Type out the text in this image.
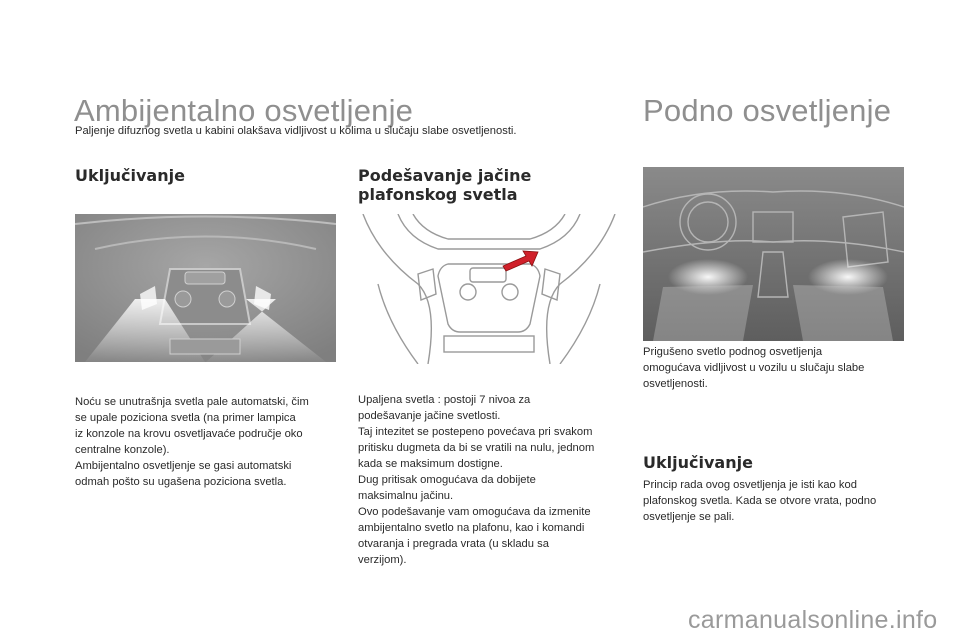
Ambijentalno osvetljenje
Paljenje difuznog svetla u kabini olakšava vidljivost u kolima u slučaju slabe osvetljenosti.
Uključivanje
Noću se unutrašnja svetla pale automatski, čim
se upale poziciona svetla (na primer lampica
iz konzole na krovu osvetljavaće područje oko
centralne konzole).
Ambijentalno osvetljenje se gasi automatski
odmah pošto su ugašena poziciona svetla.
Podešavanje jačine
plafonskog svetla
Upaljena svetla : postoji 7 nivoa za
podešavanje jačine svetlosti.
Taj intezitet se postepeno povećava pri svakom
pritisku dugmeta da bi se vratili na nulu, jednom
kada se maksimum dostigne.
Dug pritisak omogućava da dobijete
maksimalnu jačinu.
Ovo podešavanje vam omogućava da izmenite
ambijentalno svetlo na plafonu, kao i komandi
otvaranja i pregrada vrata (u skladu sa
verzijom).
Podno osvetljenje
Prigušeno svetlo podnog osvetljenja
omogućava vidljivost u vozilu u slučaju slabe
osvetljenosti.
Uključivanje
Princip rada ovog osvetljenja je isti kao kod
plafonskog svetla. Kada se otvore vrata, podno
osvetljenje se pali.
carmanualsonline.info
